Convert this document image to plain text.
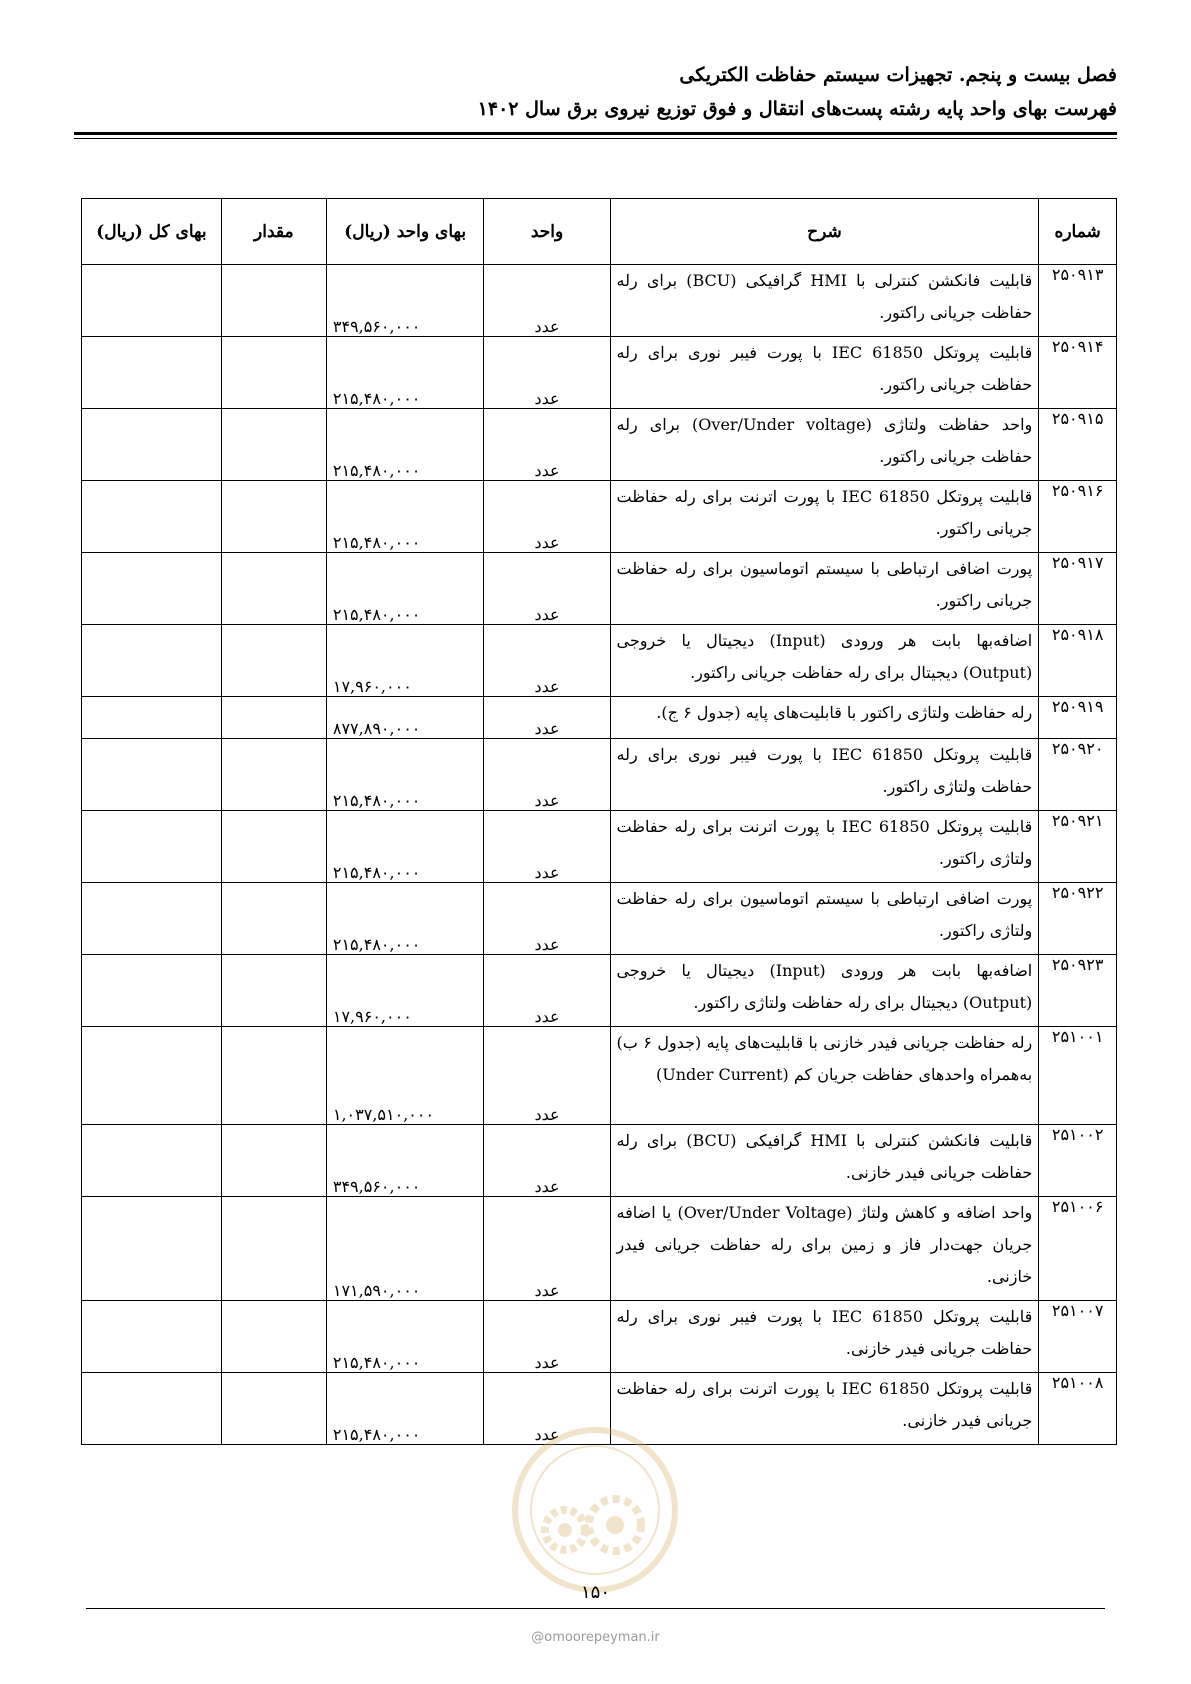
فصل بیست و پنجم. تجهیزات سیستم حفاظت الکتریکی
فهرست بهای واحد پایه رشته پست‌های انتقال و فوق توزیع نیروی برق سال ۱۴۰۲
شماره	شرح	واحد	بهای واحد (ریال)	مقدار	بهای کل (ریال)
۲۵۰۹۱۳	قابلیت فانکشن کنترلی با HMI گرافیکی (BCU) برای رله حفاظت جریانی راکتور.	عدد	۳۴۹,۵۶۰,۰۰۰		
۲۵۰۹۱۴	قابلیت پروتکل IEC 61850 با پورت فیبر نوری برای رله حفاظت جریانی راکتور.	عدد	۲۱۵,۴۸۰,۰۰۰		
۲۵۰۹۱۵	واحد حفاظت ولتاژی (Over/Under voltage) برای رله حفاظت جریانی راکتور.	عدد	۲۱۵,۴۸۰,۰۰۰		
۲۵۰۹۱۶	قابلیت پروتکل IEC 61850 با پورت اترنت برای رله حفاظت جریانی راکتور.	عدد	۲۱۵,۴۸۰,۰۰۰		
۲۵۰۹۱۷	پورت اضافی ارتباطی با سیستم اتوماسیون برای رله حفاظت جریانی راکتور.	عدد	۲۱۵,۴۸۰,۰۰۰		
۲۵۰۹۱۸	اضافه‌بها بابت هر ورودی (Input) دیجیتال یا خروجی (Output) دیجیتال برای رله حفاظت جریانی راکتور.	عدد	۱۷,۹۶۰,۰۰۰		
۲۵۰۹۱۹	رله حفاظت ولتاژی راکتور با قابلیت‌های پایه (جدول ۶ ج).	عدد	۸۷۷,۸۹۰,۰۰۰		
۲۵۰۹۲۰	قابلیت پروتکل IEC 61850 با پورت فیبر نوری برای رله حفاظت ولتاژی راکتور.	عدد	۲۱۵,۴۸۰,۰۰۰		
۲۵۰۹۲۱	قابلیت پروتکل IEC 61850 با پورت اترنت برای رله حفاظت ولتاژی راکتور.	عدد	۲۱۵,۴۸۰,۰۰۰		
۲۵۰۹۲۲	پورت اضافی ارتباطی با سیستم اتوماسیون برای رله حفاظت ولتاژی راکتور.	عدد	۲۱۵,۴۸۰,۰۰۰		
۲۵۰۹۲۳	اضافه‌بها بابت هر ورودی (Input) دیجیتال یا خروجی (Output) دیجیتال برای رله حفاظت ولتاژی راکتور.	عدد	۱۷,۹۶۰,۰۰۰		
۲۵۱۰۰۱	رله حفاظت جریانی فیدر خازنی با قابلیت‌های پایه (جدول ۶ ب) به‌همراه واحدهای حفاظت جریان کم (Under Current)	عدد	۱,۰۳۷,۵۱۰,۰۰۰		
۲۵۱۰۰۲	قابلیت فانکشن کنترلی با HMI گرافیکی (BCU) برای رله حفاظت جریانی فیدر خازنی.	عدد	۳۴۹,۵۶۰,۰۰۰		
۲۵۱۰۰۶	واحد اضافه و کاهش ولتاژ (Over/Under Voltage) یا اضافه جریان جهت‌دار فاز و زمین برای رله حفاظت جریانی فیدر خازنی.	عدد	۱۷۱,۵۹۰,۰۰۰		
۲۵۱۰۰۷	قابلیت پروتکل IEC 61850 با پورت فیبر نوری برای رله حفاظت جریانی فیدر خازنی.	عدد	۲۱۵,۴۸۰,۰۰۰		
۲۵۱۰۰۸	قابلیت پروتکل IEC 61850 با پورت اترنت برای رله حفاظت جریانی فیدر خازنی.	عدد	۲۱۵,۴۸۰,۰۰۰		
۱۵۰
@omoorepeyman.ir
